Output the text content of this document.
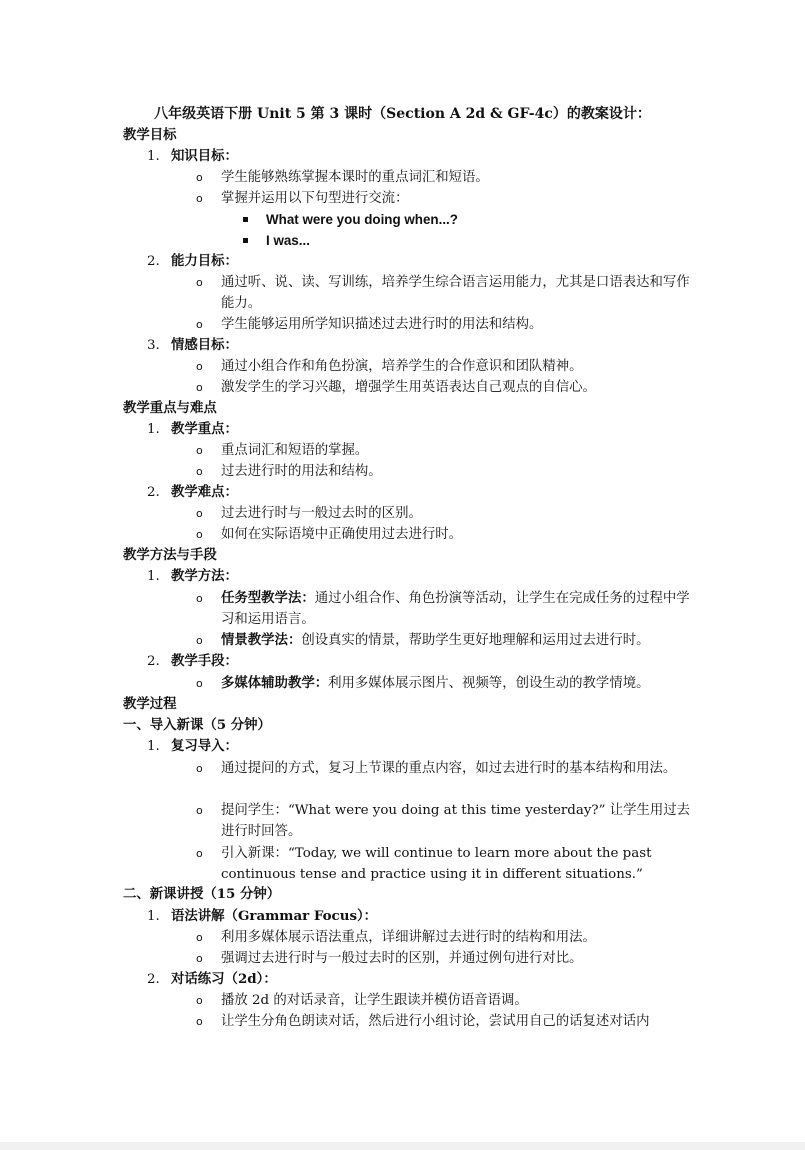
八年级英语下册 Unit 5 第 3 课时（Section A 2d & GF-4c）的教案设计：
教学目标
1. 知识目标：
o 学生能够熟练掌握本课时的重点词汇和短语。
o 掌握并运用以下句型进行交流：
What were you doing when...?
I was...
2. 能力目标：
o 通过听、说、读、写训练，培养学生综合语言运用能力，尤其是口语表达和写作能力。
o 学生能够运用所学知识描述过去进行时的用法和结构。
3. 情感目标：
o 通过小组合作和角色扮演，培养学生的合作意识和团队精神。
o 激发学生的学习兴趣，增强学生用英语表达自己观点的自信心。
教学重点与难点
1. 教学重点：
o 重点词汇和短语的掌握。
o 过去进行时的用法和结构。
2. 教学难点：
o 过去进行时与一般过去时的区别。
o 如何在实际语境中正确使用过去进行时。
教学方法与手段
1. 教学方法：
o 任务型教学法：通过小组合作、角色扮演等活动，让学生在完成任务的过程中学习和运用语言。
o 情景教学法：创设真实的情景，帮助学生更好地理解和运用过去进行时。
2. 教学手段：
o 多媒体辅助教学：利用多媒体展示图片、视频等，创设生动的教学情境。
教学过程
一、导入新课（5 分钟）
1. 复习导入：
o 通过提问的方式，复习上节课的重点内容，如过去进行时的基本结构和用法。
o 提问学生：“What were you doing at this time yesterday?” 让学生用过去进行时回答。
o 引入新课：“Today, we will continue to learn more about the past continuous tense and practice using it in different situations.”
二、新课讲授（15 分钟）
1. 语法讲解（Grammar Focus）：
o 利用多媒体展示语法重点，详细讲解过去进行时的结构和用法。
o 强调过去进行时与一般过去时的区别，并通过例句进行对比。
2. 对话练习（2d）：
o 播放 2d 的对话录音，让学生跟读并模仿语音语调。
o 让学生分角色朗读对话，然后进行小组讨论，尝试用自己的话复述对话内
